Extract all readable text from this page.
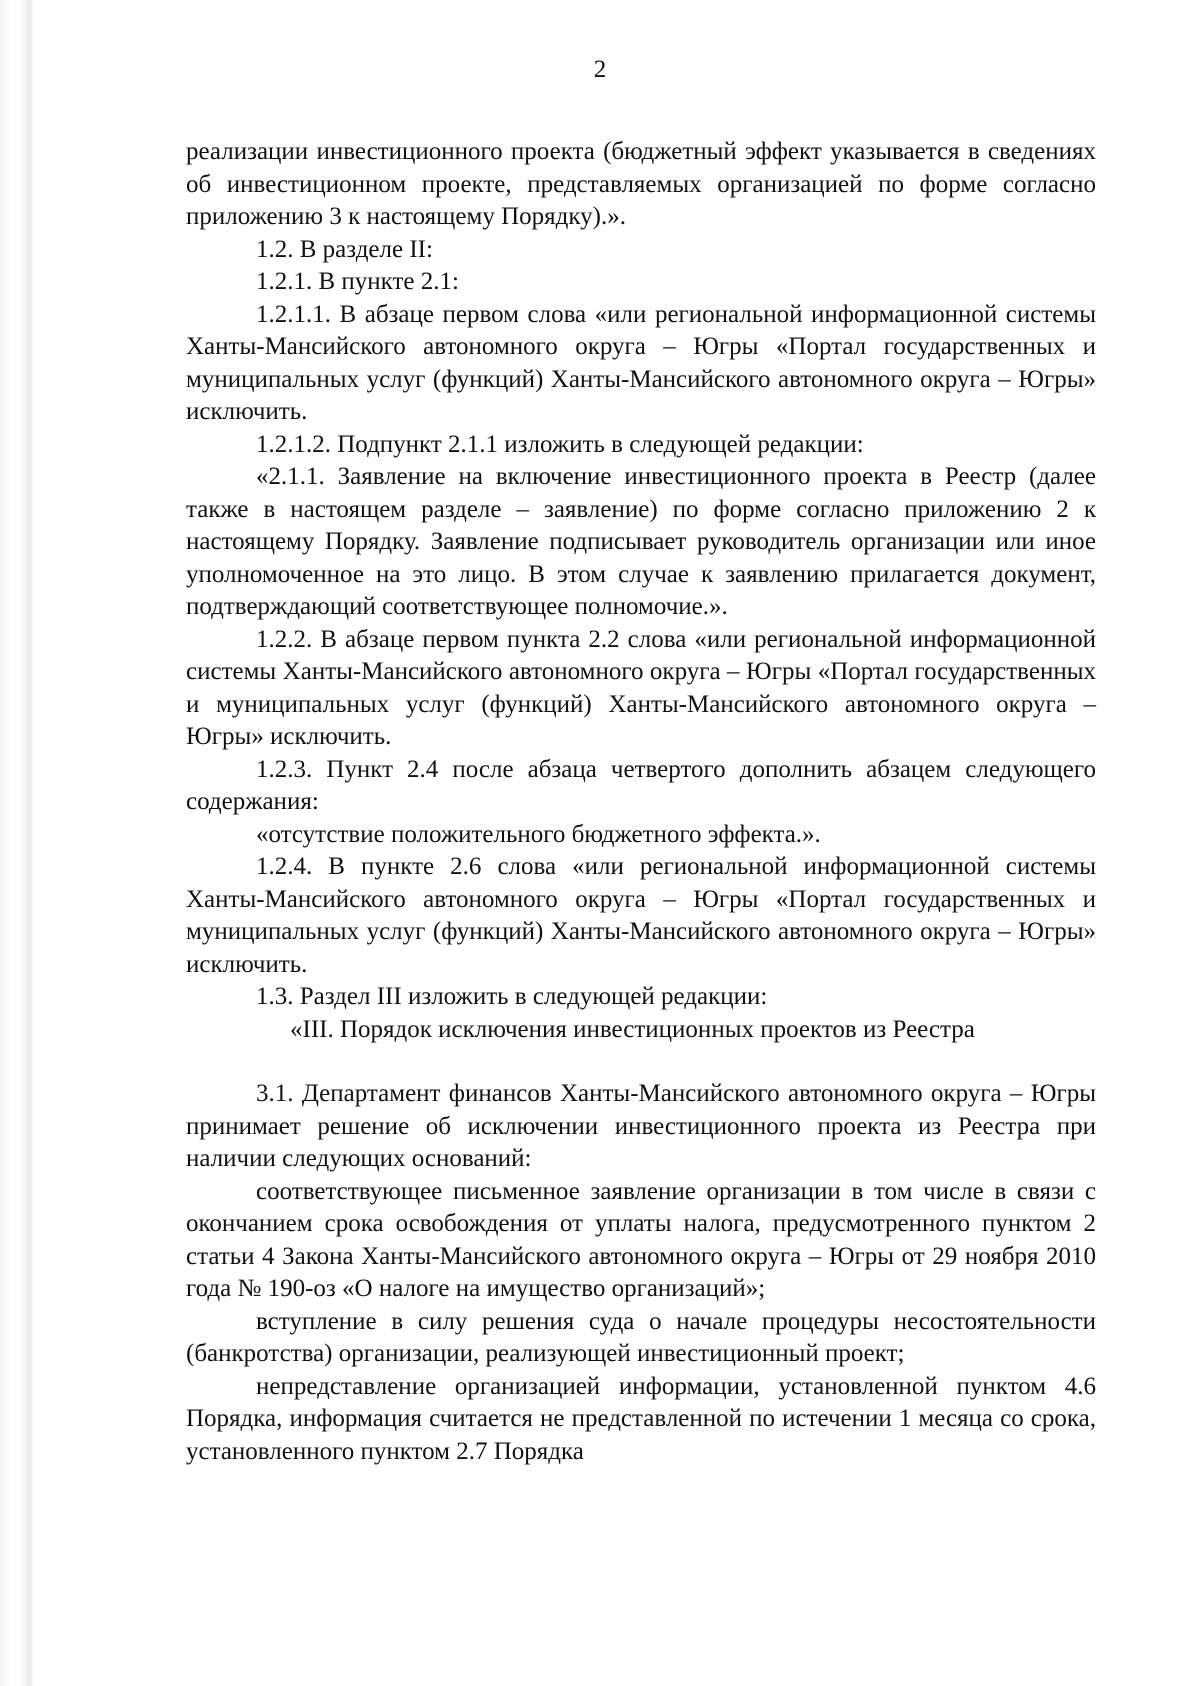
2

реализации инвестиционного проекта (бюджетный эффект указывается в сведениях об инвестиционном проекте, представляемых организацией по форме согласно приложению 3 к настоящему Порядку).».

1.2. В разделе II:

1.2.1. В пункте 2.1:

1.2.1.1. В абзаце первом слова «или региональной информационной системы Ханты-Мансийского автономного округа – Югры «Портал государственных и муниципальных услуг (функций) Ханты-Мансийского автономного округа – Югры» исключить.

1.2.1.2. Подпункт 2.1.1 изложить в следующей редакции:

«2.1.1. Заявление на включение инвестиционного проекта в Реестр (далее также в настоящем разделе – заявление) по форме согласно приложению 2 к настоящему Порядку. Заявление подписывает руководитель организации или иное уполномоченное на это лицо. В этом случае к заявлению прилагается документ, подтверждающий соответствующее полномочие.».

1.2.2. В абзаце первом пункта 2.2 слова «или региональной информационной системы Ханты-Мансийского автономного округа – Югры «Портал государственных и муниципальных услуг (функций) Ханты-Мансийского автономного округа – Югры» исключить.

1.2.3. Пункт 2.4 после абзаца четвертого дополнить абзацем следующего содержания:

«отсутствие положительного бюджетного эффекта.».

1.2.4. В пункте 2.6 слова «или региональной информационной системы Ханты-Мансийского автономного округа – Югры «Портал государственных и муниципальных услуг (функций) Ханты-Мансийского автономного округа – Югры» исключить.

1.3. Раздел III изложить в следующей редакции:

«III. Порядок исключения инвестиционных проектов из Реестра

3.1. Департамент финансов Ханты-Мансийского автономного округа – Югры принимает решение об исключении инвестиционного проекта из Реестра при наличии следующих оснований:

соответствующее письменное заявление организации в том числе в связи с окончанием срока освобождения от уплаты налога, предусмотренного пунктом 2 статьи 4 Закона Ханты-Мансийского автономного округа – Югры от 29 ноября 2010 года № 190-оз «О налоге на имущество организаций»;

вступление в силу решения суда о начале процедуры несостоятельности (банкротства) организации, реализующей инвестиционный проект;

непредставление организацией информации, установленной пунктом 4.6 Порядка, информация считается не представленной по истечении 1 месяца со срока, установленного пунктом 2.7 Порядка
